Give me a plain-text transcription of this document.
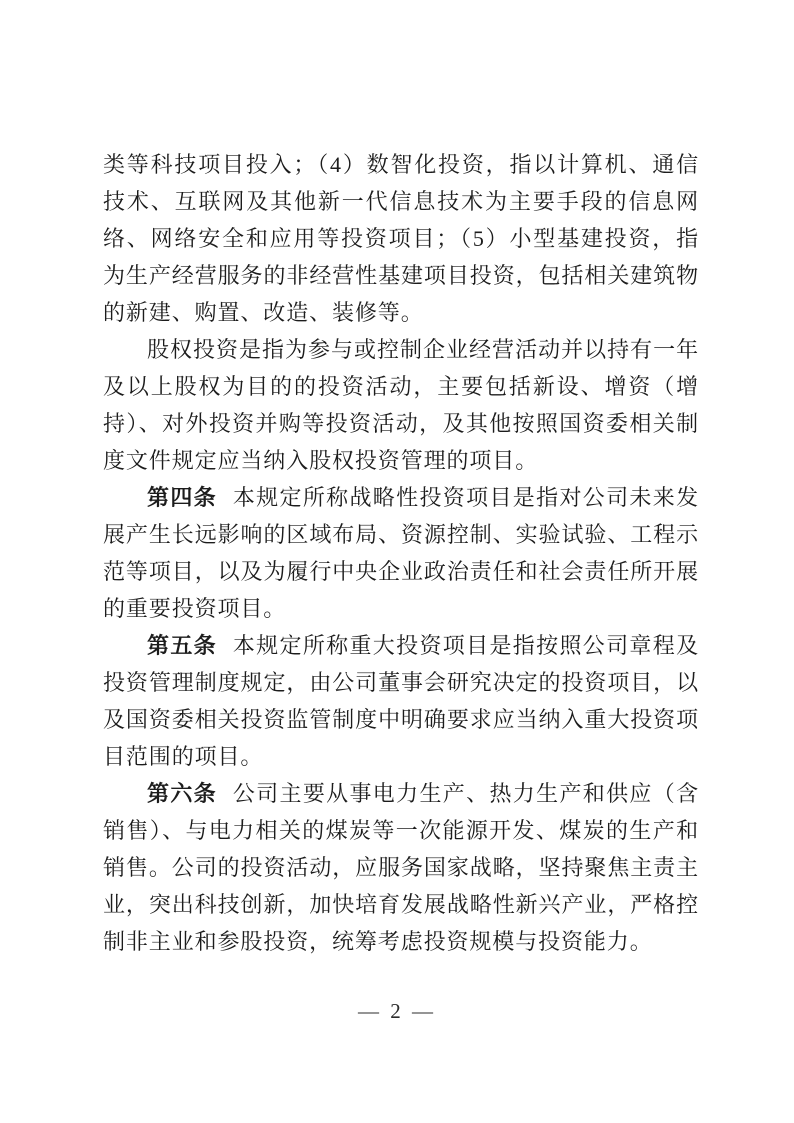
类等科技项目投入；（4）数智化投资，指以计算机、通信技术、互联网及其他新一代信息技术为主要手段的信息网络、网络安全和应用等投资项目；（5）小型基建投资，指为生产经营服务的非经营性基建项目投资，包括相关建筑物的新建、购置、改造、装修等。

股权投资是指为参与或控制企业经营活动并以持有一年及以上股权为目的的投资活动，主要包括新设、增资（增持）、对外投资并购等投资活动，及其他按照国资委相关制度文件规定应当纳入股权投资管理的项目。

第四条 本规定所称战略性投资项目是指对公司未来发展产生长远影响的区域布局、资源控制、实验试验、工程示范等项目，以及为履行中央企业政治责任和社会责任所开展的重要投资项目。

第五条 本规定所称重大投资项目是指按照公司章程及投资管理制度规定，由公司董事会研究决定的投资项目，以及国资委相关投资监管制度中明确要求应当纳入重大投资项目范围的项目。

第六条 公司主要从事电力生产、热力生产和供应（含销售）、与电力相关的煤炭等一次能源开发、煤炭的生产和销售。公司的投资活动，应服务国家战略，坚持聚焦主责主业，突出科技创新，加快培育发展战略性新兴产业，严格控制非主业和参股投资，统筹考虑投资规模与投资能力。

— 2 —
